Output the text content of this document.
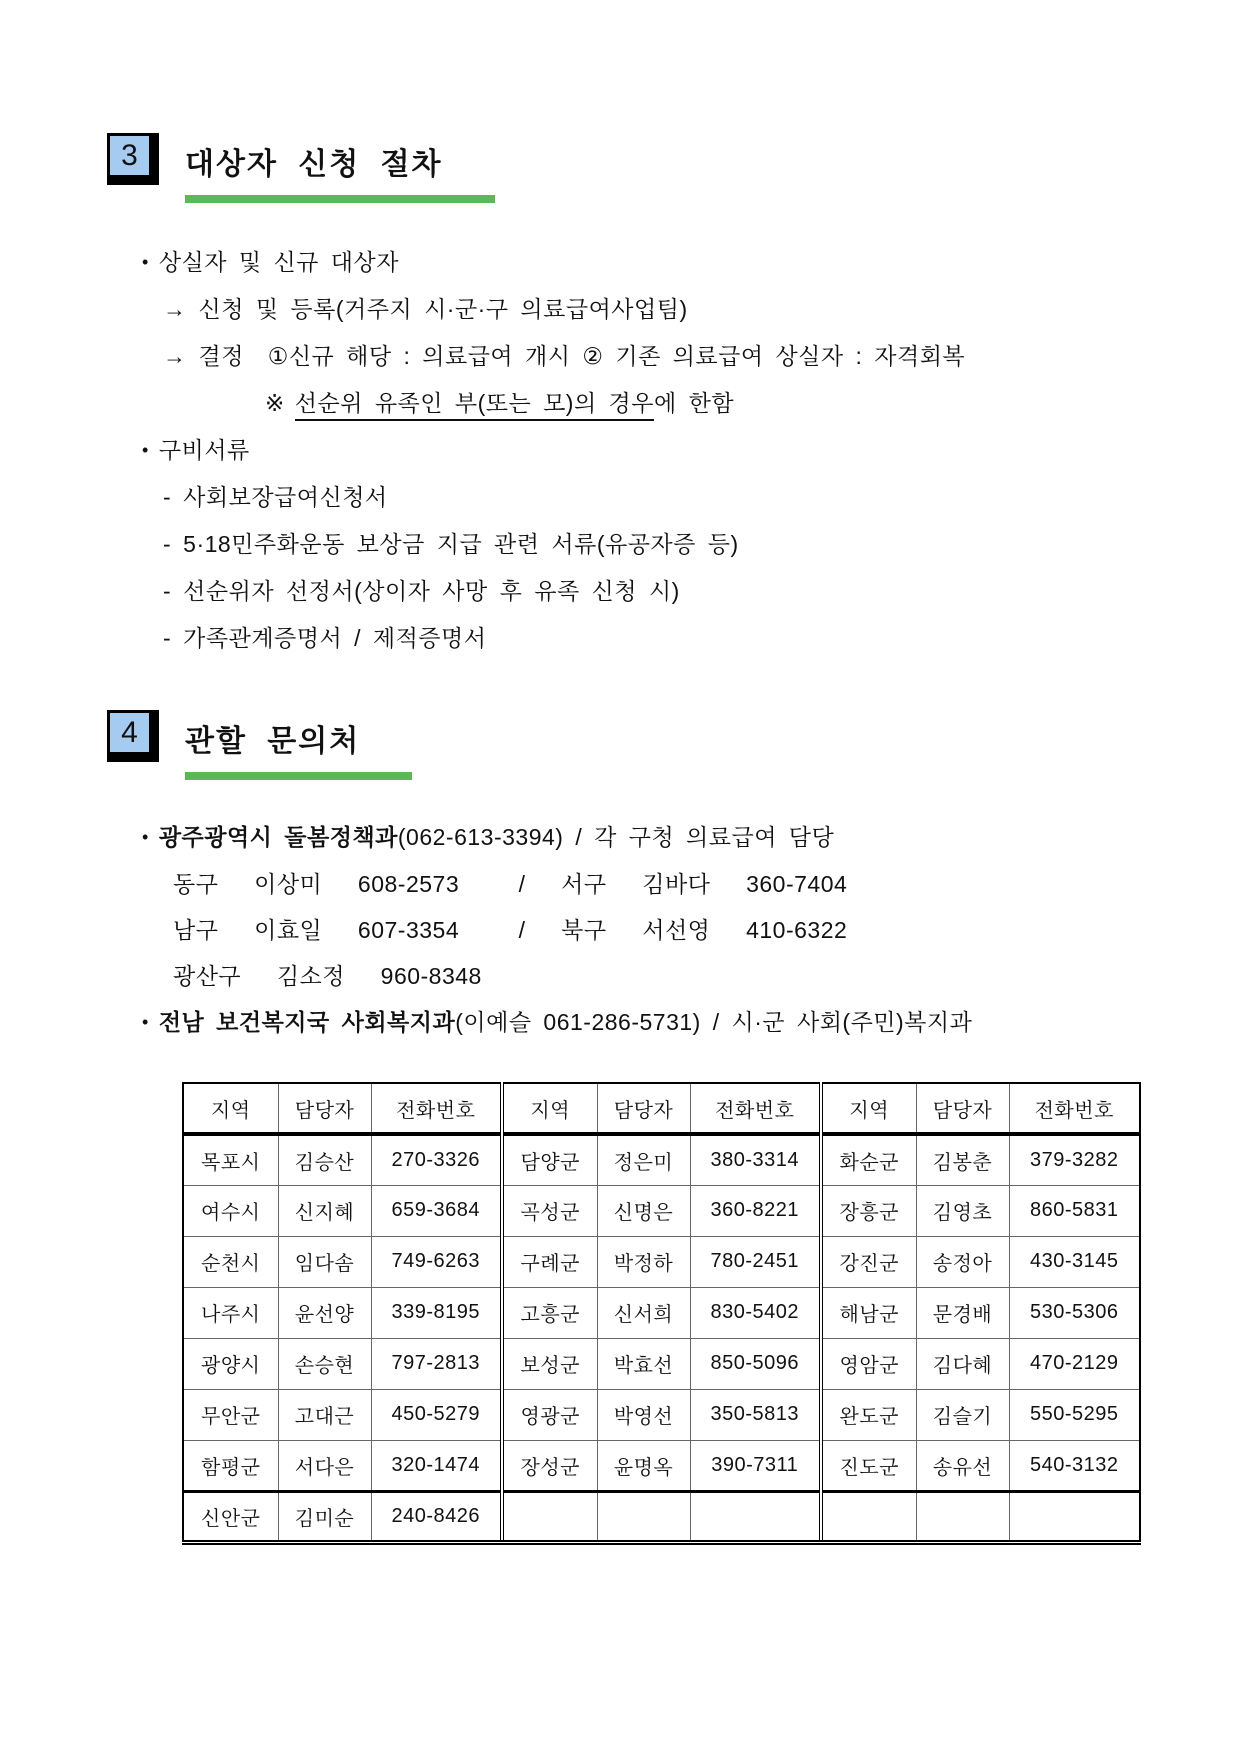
3 대상자 신청 절차
• 상실자 및 신규 대상자
→ 신청 및 등록(거주지 시·군·구 의료급여사업팀)
→ 결정  ①신규 해당 : 의료급여 개시 ② 기존 의료급여 상실자 : 자격회복
※ 선순위 유족인 부(또는 모)의 경우에 한함
• 구비서류
- 사회보장급여신청서
- 5·18민주화운동 보상금 지급 관련 서류(유공자증 등)
- 선순위자 선정서(상이자 사망 후 유족 신청 시)
- 가족관계증명서 / 제적증명서
4 관할 문의처
• 광주광역시 돌봄정책과(062-613-3394) / 각 구청 의료급여 담당
동구   이상미   608-2573     /   서구   김바다   360-7404
남구   이효일   607-3354     /   북구   서선영   410-6322
광산구   김소정   960-8348
• 전남 보건복지국 사회복지과(이예슬 061-286-5731) / 시·군 사회(주민)복지과
지역	담당자	전화번호	지역	담당자	전화번호	지역	담당자	전화번호
목포시	김승산	270-3326	담양군	정은미	380-3314	화순군	김봉춘	379-3282
여수시	신지혜	659-3684	곡성군	신명은	360-8221	장흥군	김영초	860-5831
순천시	임다솜	749-6263	구례군	박정하	780-2451	강진군	송정아	430-3145
나주시	윤선양	339-8195	고흥군	신서희	830-5402	해남군	문경배	530-5306
광양시	손승현	797-2813	보성군	박효선	850-5096	영암군	김다혜	470-2129
무안군	고대근	450-5279	영광군	박영선	350-5813	완도군	김슬기	550-5295
함평군	서다은	320-1474	장성군	윤명옥	390-7311	진도군	송유선	540-3132
신안군	김미순	240-8426						
